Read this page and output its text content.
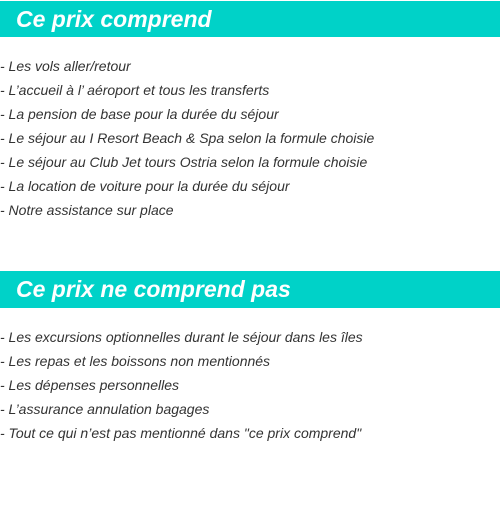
Ce prix comprend
- Les vols aller/retour
- L’accueil à l’ aéroport et tous les transferts
- La pension de base pour la durée du séjour
- Le séjour au I Resort Beach & Spa selon la formule choisie
- Le séjour au Club Jet tours Ostria selon la formule choisie
- La location de voiture pour la durée du séjour
- Notre assistance sur place
Ce prix ne comprend pas
- Les excursions optionnelles durant le séjour dans les îles
- Les repas et les boissons non mentionnés
- Les dépenses personnelles
- L’assurance annulation bagages
- Tout ce qui n’est pas mentionné dans "ce prix comprend"
